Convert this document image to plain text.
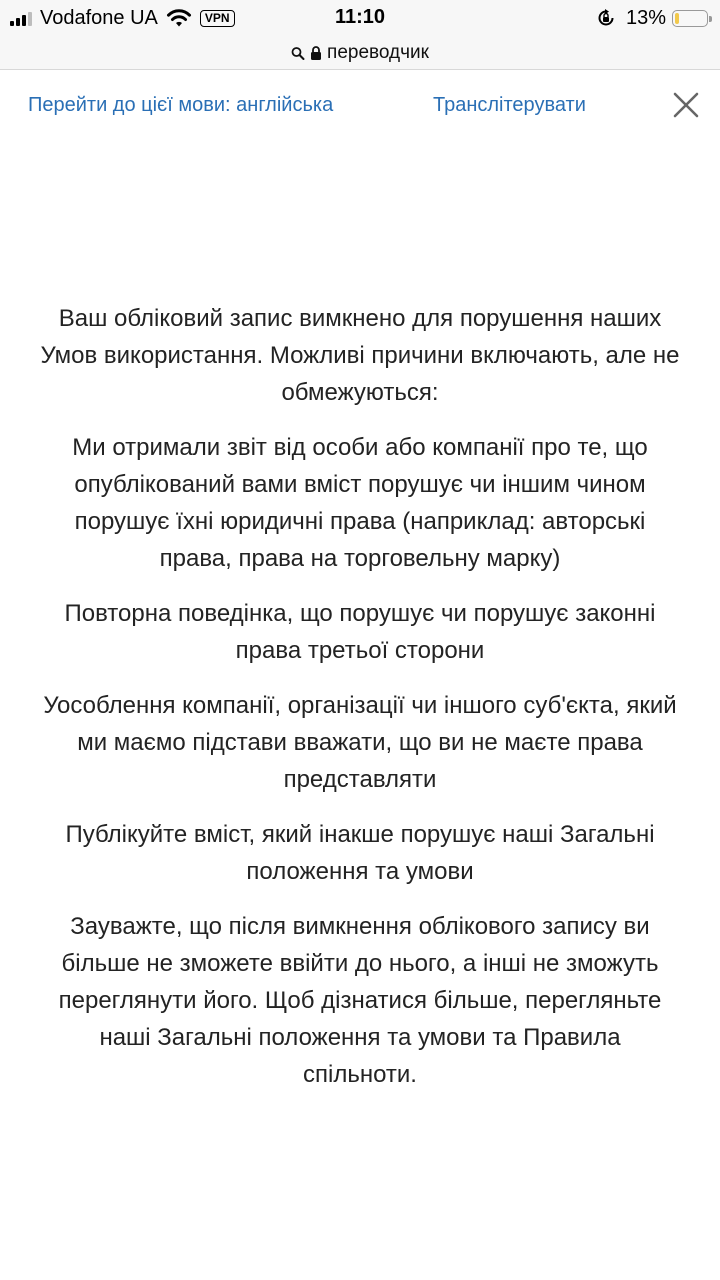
Vodafone UA	VPN	11:10	13%
переводчик
Перейти до цієї мови: англійська	Транслітерувати

Ваш обліковий запис вимкнено для порушення наших Умов використання. Можливі причини включають, але не обмежуються:

Ми отримали звіт від особи або компанії про те, що опублікований вами вміст порушує чи іншим чином порушує їхні юридичні права (наприклад: авторські права, права на торговельну марку)

Повторна поведінка, що порушує чи порушує законні права третьої сторони

Уособлення компанії, організації чи іншого суб'єкта, який ми маємо підстави вважати, що ви не маєте права представляти

Публікуйте вміст, який інакше порушує наші Загальні положення та умови

Зауважте, що після вимкнення облікового запису ви більше не зможете ввійти до нього, а інші не зможуть переглянути його. Щоб дізнатися більше, перегляньте наші Загальні положення та умови та Правила спільноти.
